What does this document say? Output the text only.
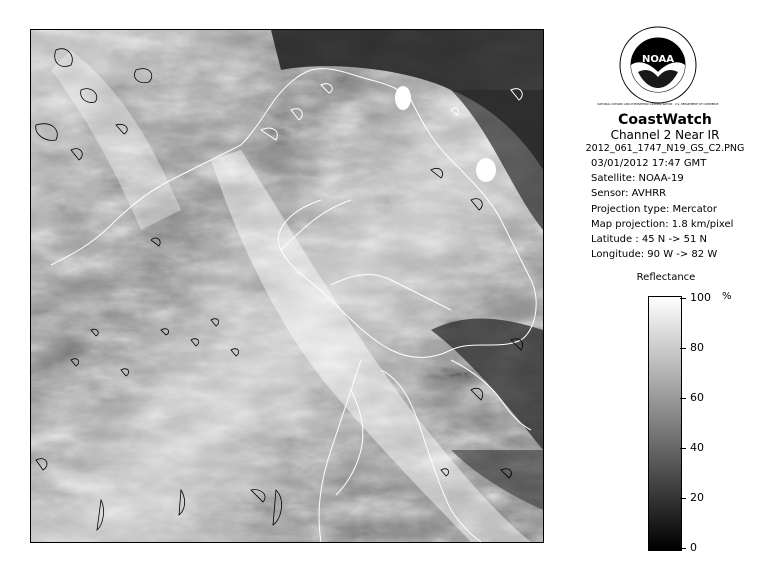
NOAA
NATIONAL OCEANIC AND ATMOSPHERIC ADMINISTRATION · U.S. DEPARTMENT OF COMMERCE
CoastWatch
Channel 2 Near IR
2012_061_1747_N19_GS_C2.PNG
03/01/2012 17:47 GMT
Satellite: NOAA-19
Sensor: AVHRR
Projection type: Mercator
Map projection: 1.8 km/pixel
Latitude : 45 N -> 51 N
Longitude: 90 W -> 82 W
Reflectance
%
100
80
60
40
20
0
